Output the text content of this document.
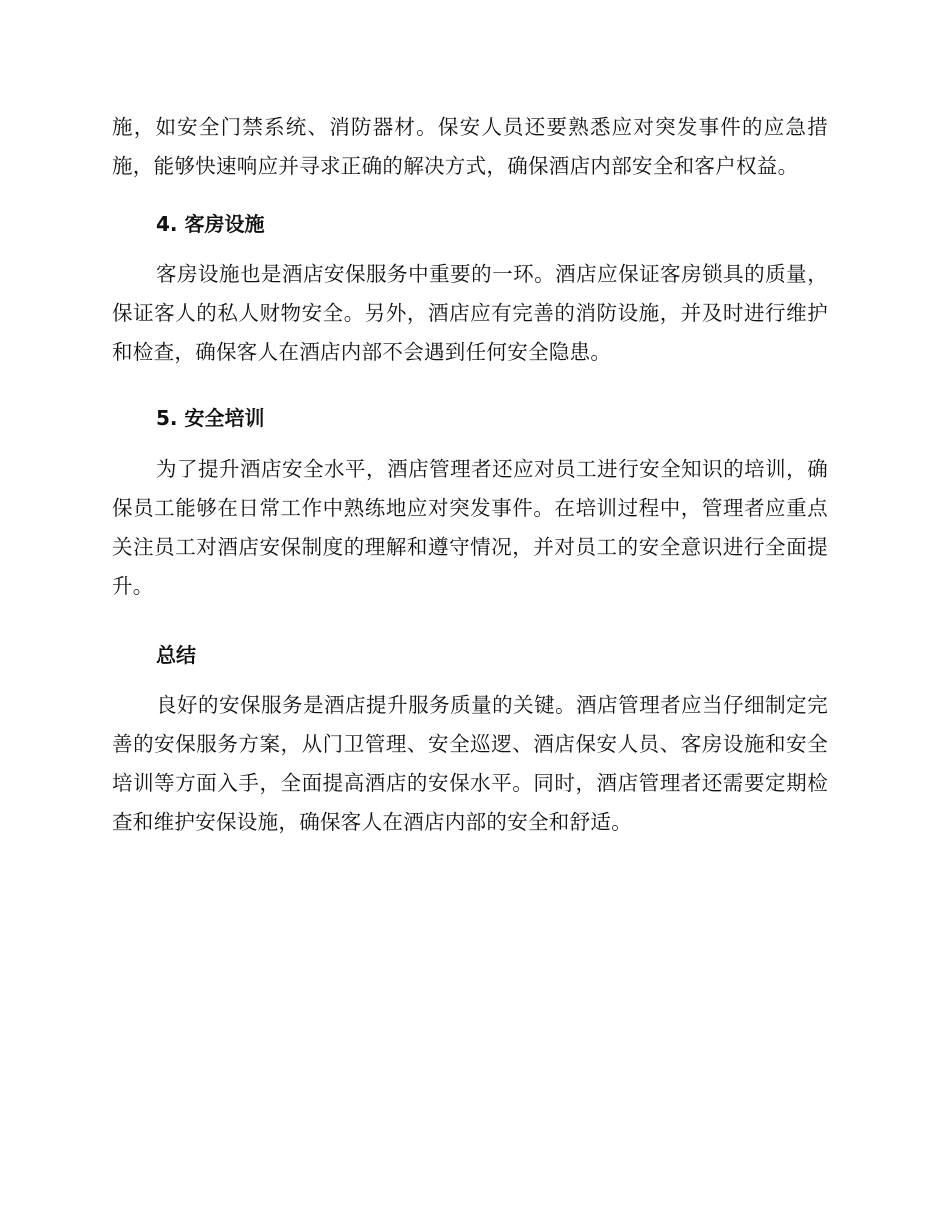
施，如安全门禁系统、消防器材。保安人员还要熟悉应对突发事件的应急措施，能够快速响应并寻求正确的解决方式，确保酒店内部安全和客户权益。

4. 客房设施

客房设施也是酒店安保服务中重要的一环。酒店应保证客房锁具的质量，保证客人的私人财物安全。另外，酒店应有完善的消防设施，并及时进行维护和检查，确保客人在酒店内部不会遇到任何安全隐患。

5. 安全培训

为了提升酒店安全水平，酒店管理者还应对员工进行安全知识的培训，确保员工能够在日常工作中熟练地应对突发事件。在培训过程中，管理者应重点关注员工对酒店安保制度的理解和遵守情况，并对员工的安全意识进行全面提升。

总结

良好的安保服务是酒店提升服务质量的关键。酒店管理者应当仔细制定完善的安保服务方案，从门卫管理、安全巡逻、酒店保安人员、客房设施和安全培训等方面入手，全面提高酒店的安保水平。同时，酒店管理者还需要定期检查和维护安保设施，确保客人在酒店内部的安全和舒适。
